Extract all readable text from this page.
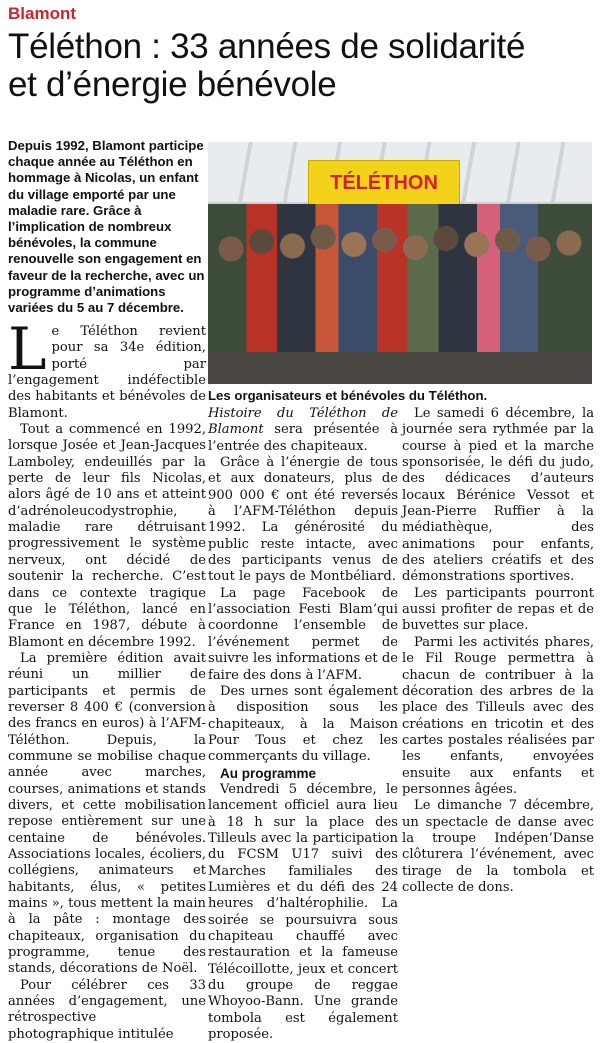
Blamont
Téléthon : 33 années de solidarité
et d’énergie bénévole
Depuis 1992, Blamont participe chaque année au Téléthon en hommage à Nicolas, un enfant du village emporté par une maladie rare. Grâce à l’implication de nombreux bénévoles, la commune renouvelle son engagement en faveur de la recherche, avec un programme d’animations variées du 5 au 7 décembre.
TÉLÉTHON
Les organisateurs et bénévoles du Téléthon.

Le Téléthon revient pour sa 34e édition, porté par l’engagement indéfectible des habitants et bénévoles de Blamont.

Tout a commencé en 1992, lorsque Josée et Jean-Jacques Lamboley, endeuillés par la perte de leur fils Nicolas, alors âgé de 10 ans et atteint d’adrénoleucodystrophie, maladie rare détruisant progressivement le système nerveux, ont décidé de soutenir la recherche. C’est dans ce contexte tragique que le Téléthon, lancé en France en 1987, débute à Blamont en décembre 1992.

La première édition avait réuni un millier de participants et permis de reverser 8 400 € (conversion des francs en euros) à l’AFM-Téléthon. Depuis, la commune se mobilise chaque année avec marches, courses, animations et stands divers, et cette mobilisation repose entièrement sur une centaine de bénévoles. Associations locales, écoliers, collégiens, animateurs et habitants, élus, « petites mains », tous mettent la main à la pâte : montage des chapiteaux, organisation du programme, tenue des stands, décorations de Noël.

Pour célébrer ces 33 années d’engagement, une rétrospective photographique intitulée

Histoire du Téléthon de Blamont sera présentée à l’entrée des chapiteaux.

Grâce à l’énergie de tous et aux donateurs, plus de 900 000 € ont été reversés à l’AFM-Téléthon depuis 1992. La générosité du public reste intacte, avec des participants venus de tout le pays de Montbéliard.

La page Facebook de l’association Festi Blam’qui coordonne l’ensemble de l’événement permet de suivre les informations et de faire des dons à l’AFM.

Des urnes sont également à disposition sous les chapiteaux, à la Maison Pour Tous et chez les commerçants du village.

Au programme

Vendredi 5 décembre, le lancement officiel aura lieu à 18 h sur la place des Tilleuls avec la participation du FCSM U17 suivi des Marches familiales des Lumières et du défi des 24 heures d’haltérophilie. La soirée se poursuivra sous chapiteau chauffé avec restauration et la fameuse Télécoillotte, jeux et concert du groupe de reggae Whoyoo-Bann. Une grande tombola est également proposée.

Le samedi 6 décembre, la journée sera rythmée par la course à pied et la marche sponsorisée, le défi du judo, des dédicaces d’auteurs locaux Bérénice Vessot et Jean-Pierre Ruffier à la médiathèque, des animations pour enfants, des ateliers créatifs et des démonstrations sportives.

Les participants pourront aussi profiter de repas et de buvettes sur place.

Parmi les activités phares, le Fil Rouge permettra à chacun de contribuer à la décoration des arbres de la place des Tilleuls avec des créations en tricotin et des cartes postales réalisées par les enfants, envoyées ensuite aux enfants et personnes âgées.

Le dimanche 7 décembre, un spectacle de danse avec la troupe Indépen’Danse clôturera l’événement, avec tirage de la tombola et collecte de dons.
